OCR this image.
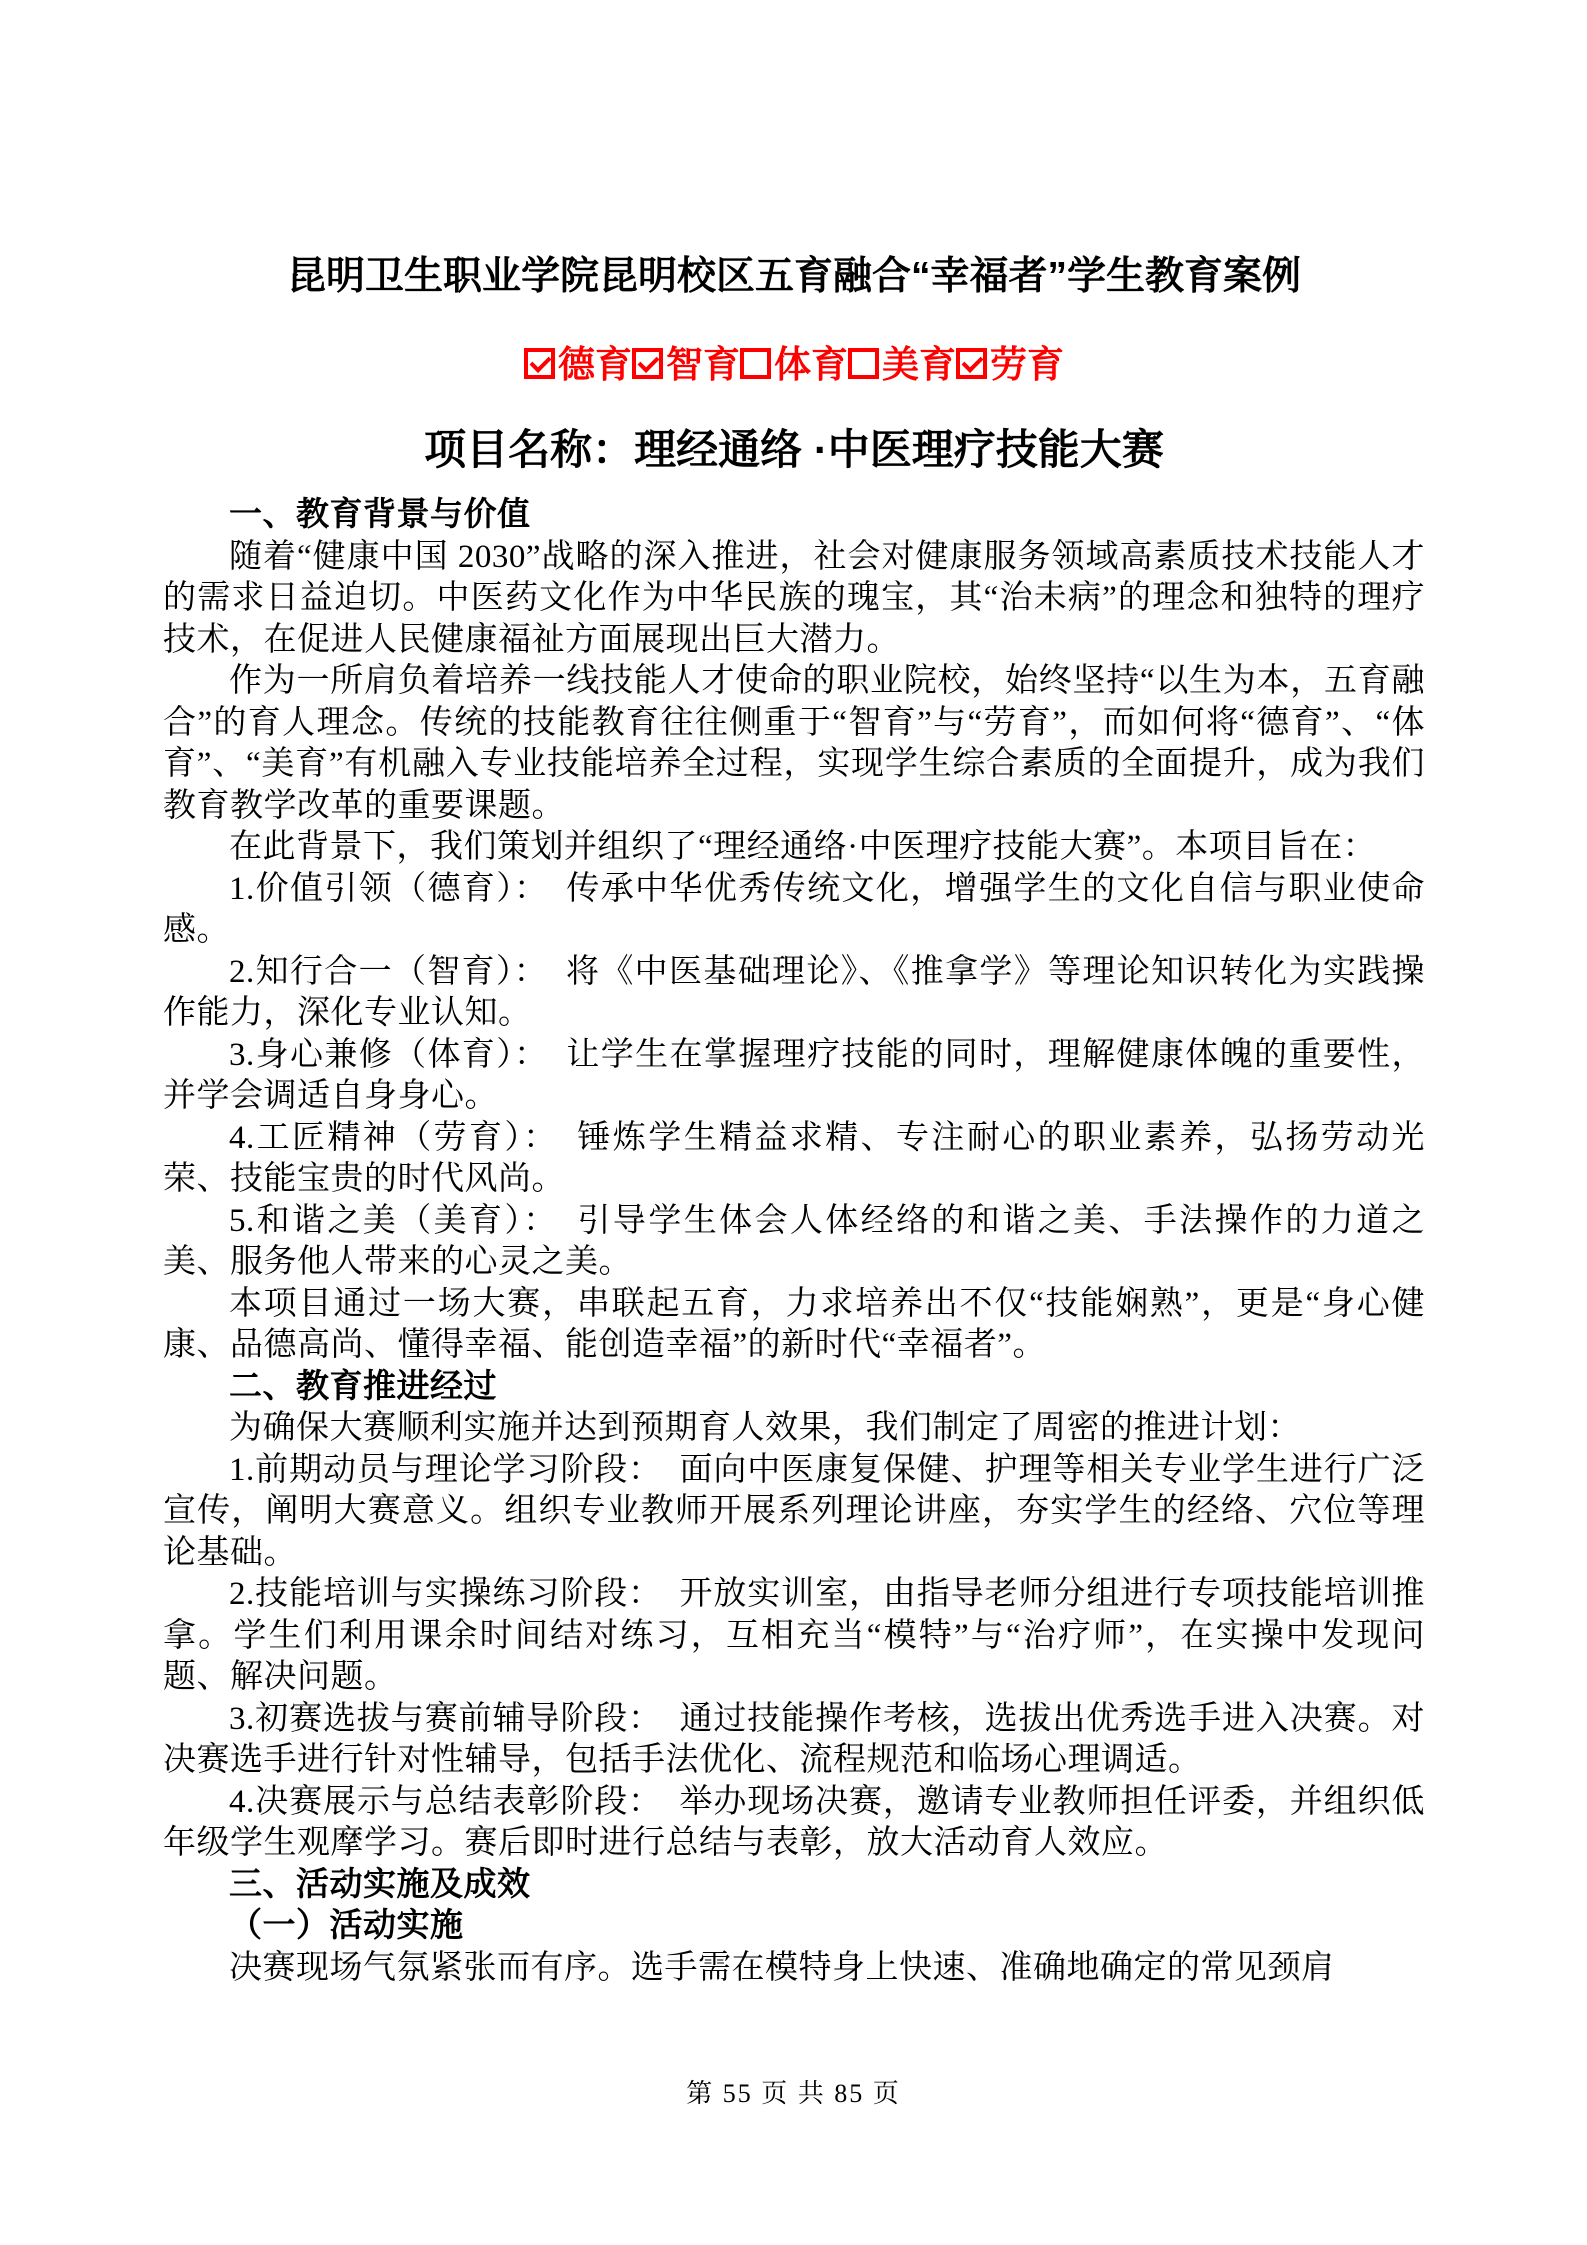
昆明卫生职业学院昆明校区五育融合“幸福者”学生教育案例
德育 智育 体育 美育 劳育
项目名称：理经通络 ·中医理疗技能大赛

一、教育背景与价值

随着“健康中国 2030”战略的深入推进，社会对健康服务领域高素质技术技能人才的需求日益迫切。中医药文化作为中华民族的瑰宝，其“治未病”的理念和独特的理疗技术，在促进人民健康福祉方面展现出巨大潜力。

作为一所肩负着培养一线技能人才使命的职业院校，始终坚持“以生为本，五育融合”的育人理念。传统的技能教育往往侧重于“智育”与“劳育”，而如何将“德育”、“体育”、“美育”有机融入专业技能培养全过程，实现学生综合素质的全面提升，成为我们教育教学改革的重要课题。

在此背景下，我们策划并组织了“理经通络·中医理疗技能大赛”。本项目旨在：

1.价值引领（德育）：　传承中华优秀传统文化，增强学生的文化自信与职业使命感。

2.知行合一（智育）：　将《中医基础理论》、《推拿学》等理论知识转化为实践操作能力，深化专业认知。

3.身心兼修（体育）：　让学生在掌握理疗技能的同时，理解健康体魄的重要性，并学会调适自身身心。

4.工匠精神（劳育）：　锤炼学生精益求精、专注耐心的职业素养，弘扬劳动光荣、技能宝贵的时代风尚。

5.和谐之美（美育）：　引导学生体会人体经络的和谐之美、手法操作的力道之美、服务他人带来的心灵之美。

本项目通过一场大赛，串联起五育，力求培养出不仅“技能娴熟”，更是“身心健康、品德高尚、懂得幸福、能创造幸福”的新时代“幸福者”。

二、教育推进经过

为确保大赛顺利实施并达到预期育人效果，我们制定了周密的推进计划：

1.前期动员与理论学习阶段：　面向中医康复保健、护理等相关专业学生进行广泛宣传，阐明大赛意义。组织专业教师开展系列理论讲座，夯实学生的经络、穴位等理论基础。

2.技能培训与实操练习阶段：　开放实训室，由指导老师分组进行专项技能培训推拿。学生们利用课余时间结对练习，互相充当“模特”与“治疗师”，在实操中发现问题、解决问题。

3.初赛选拔与赛前辅导阶段：　通过技能操作考核，选拔出优秀选手进入决赛。对决赛选手进行针对性辅导，包括手法优化、流程规范和临场心理调适。

4.决赛展示与总结表彰阶段：　举办现场决赛，邀请专业教师担任评委，并组织低年级学生观摩学习。赛后即时进行总结与表彰，放大活动育人效应。

三、活动实施及成效

（一）活动实施

决赛现场气氛紧张而有序。选手需在模特身上快速、准确地确定的常见颈肩

第 55 页 共 85 页
